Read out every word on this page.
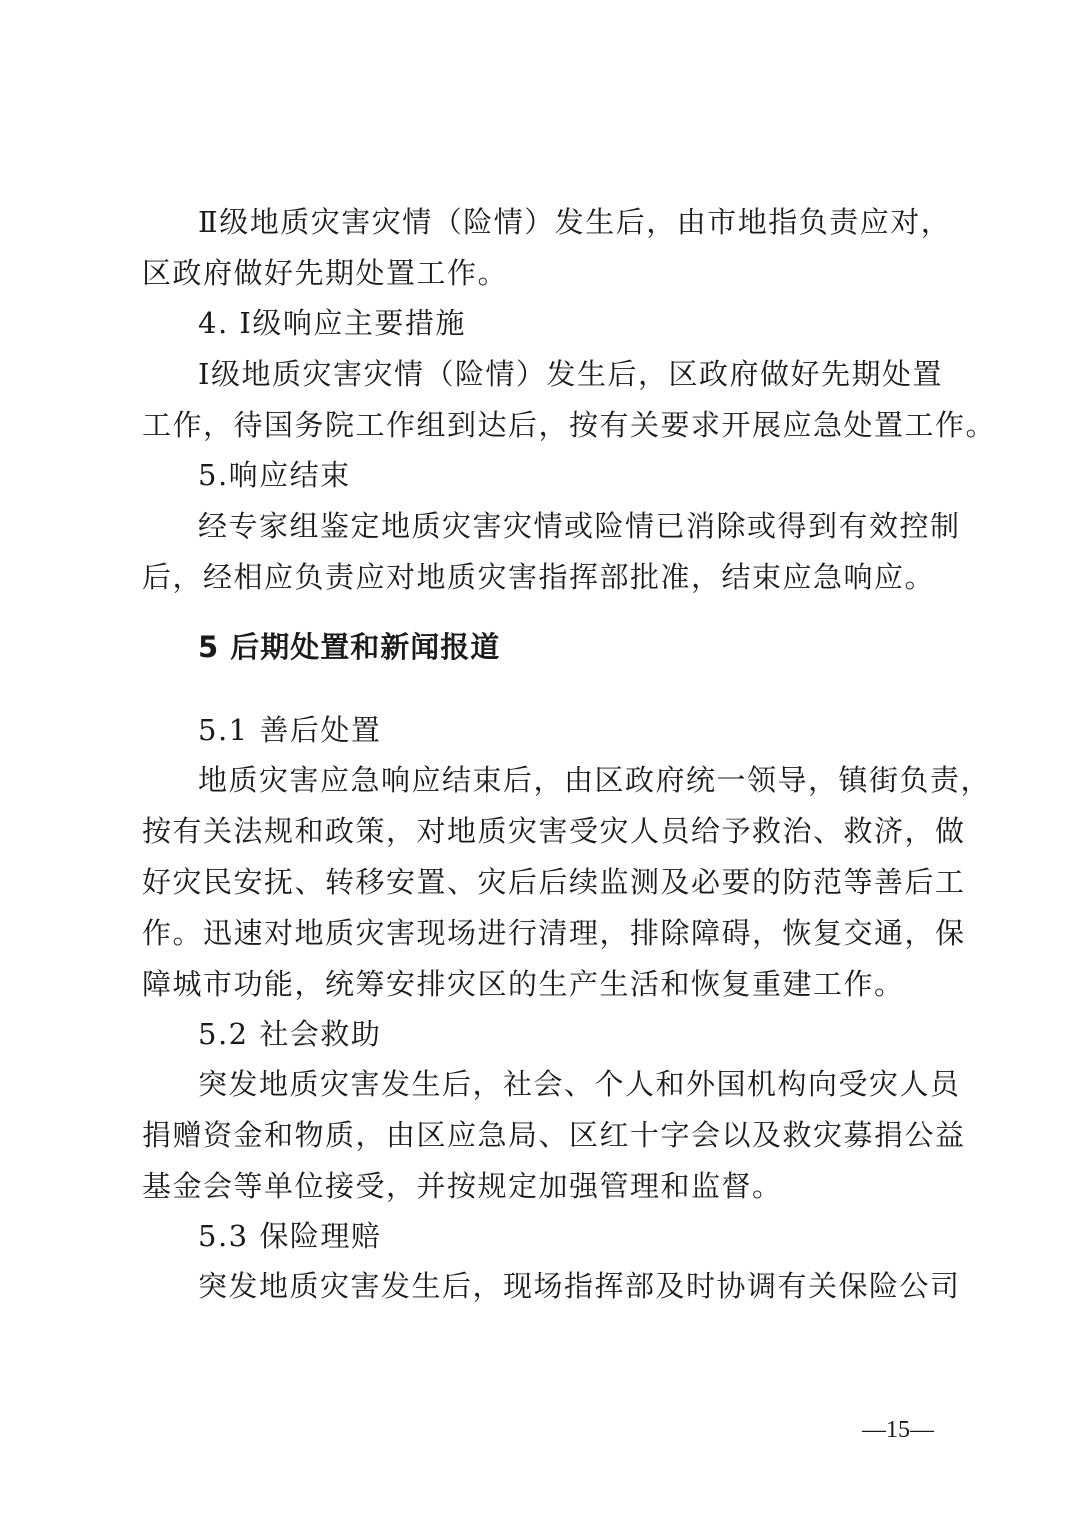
Ⅱ级地质灾害灾情（险情）发生后，由市地指负责应对，
区政府做好先期处置工作。
4. Ⅰ级响应主要措施
Ⅰ级地质灾害灾情（险情）发生后，区政府做好先期处置
工作，待国务院工作组到达后，按有关要求开展应急处置工作。
5.响应结束
经专家组鉴定地质灾害灾情或险情已消除或得到有效控制
后，经相应负责应对地质灾害指挥部批准，结束应急响应。
5 后期处置和新闻报道
5.1 善后处置
地质灾害应急响应结束后，由区政府统一领导，镇街负责，
按有关法规和政策，对地质灾害受灾人员给予救治、救济，做
好灾民安抚、转移安置、灾后后续监测及必要的防范等善后工
作。迅速对地质灾害现场进行清理，排除障碍，恢复交通，保
障城市功能，统筹安排灾区的生产生活和恢复重建工作。
5.2 社会救助
突发地质灾害发生后，社会、个人和外国机构向受灾人员
捐赠资金和物质，由区应急局、区红十字会以及救灾募捐公益
基金会等单位接受，并按规定加强管理和监督。
5.3 保险理赔
突发地质灾害发生后，现场指挥部及时协调有关保险公司
—15—
